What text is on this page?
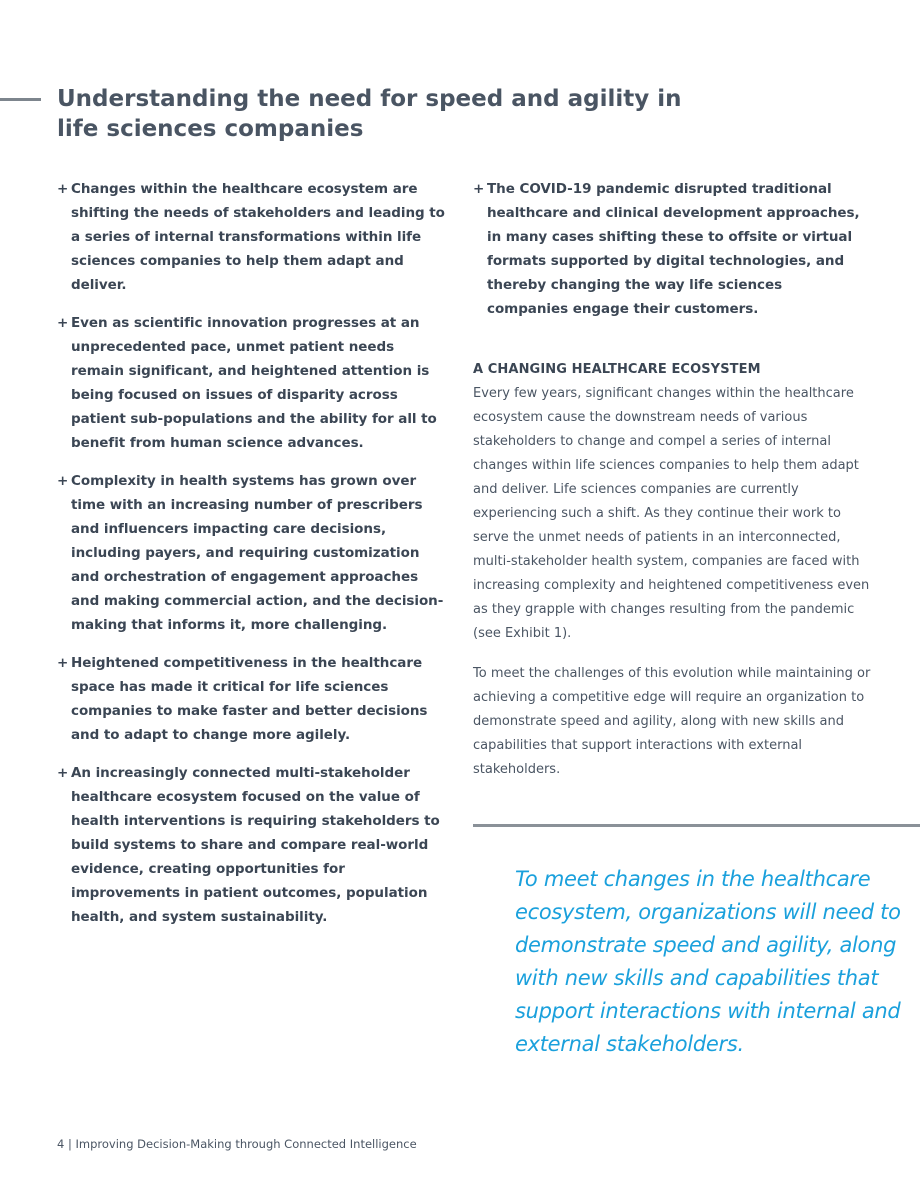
Understanding the need for speed and agility in
life sciences companies
+ Changes within the healthcare ecosystem are shifting the needs of stakeholders and leading to a series of internal transformations within life sciences companies to help them adapt and deliver.
+ Even as scientific innovation progresses at an unprecedented pace, unmet patient needs remain significant, and heightened attention is being focused on issues of disparity across patient sub-populations and the ability for all to benefit from human science advances.
+ Complexity in health systems has grown over time with an increasing number of prescribers and influencers impacting care decisions, including payers, and requiring customization and orchestration of engagement approaches and making commercial action, and the decision-making that informs it, more challenging.
+ Heightened competitiveness in the healthcare space has made it critical for life sciences companies to make faster and better decisions and to adapt to change more agilely.
+ An increasingly connected multi-stakeholder healthcare ecosystem focused on the value of health interventions is requiring stakeholders to build systems to share and compare real-world evidence, creating opportunities for improvements in patient outcomes, population health, and system sustainability.
+ The COVID-19 pandemic disrupted traditional healthcare and clinical development approaches, in many cases shifting these to offsite or virtual formats supported by digital technologies, and thereby changing the way life sciences companies engage their customers.
A CHANGING HEALTHCARE ECOSYSTEM

Every few years, significant changes within the healthcare ecosystem cause the downstream needs of various stakeholders to change and compel a series of internal changes within life sciences companies to help them adapt and deliver. Life sciences companies are currently experiencing such a shift. As they continue their work to serve the unmet needs of patients in an interconnected, multi-stakeholder health system, companies are faced with increasing complexity and heightened competitiveness even as they grapple with changes resulting from the pandemic (see Exhibit 1).

To meet the challenges of this evolution while maintaining or achieving a competitive edge will require an organization to demonstrate speed and agility, along with new skills and capabilities that support interactions with external stakeholders.

To meet changes in the healthcare ecosystem, organizations will need to demonstrate speed and agility, along with new skills and capabilities that support interactions with internal and external stakeholders.

4 | Improving Decision-Making through Connected Intelligence
